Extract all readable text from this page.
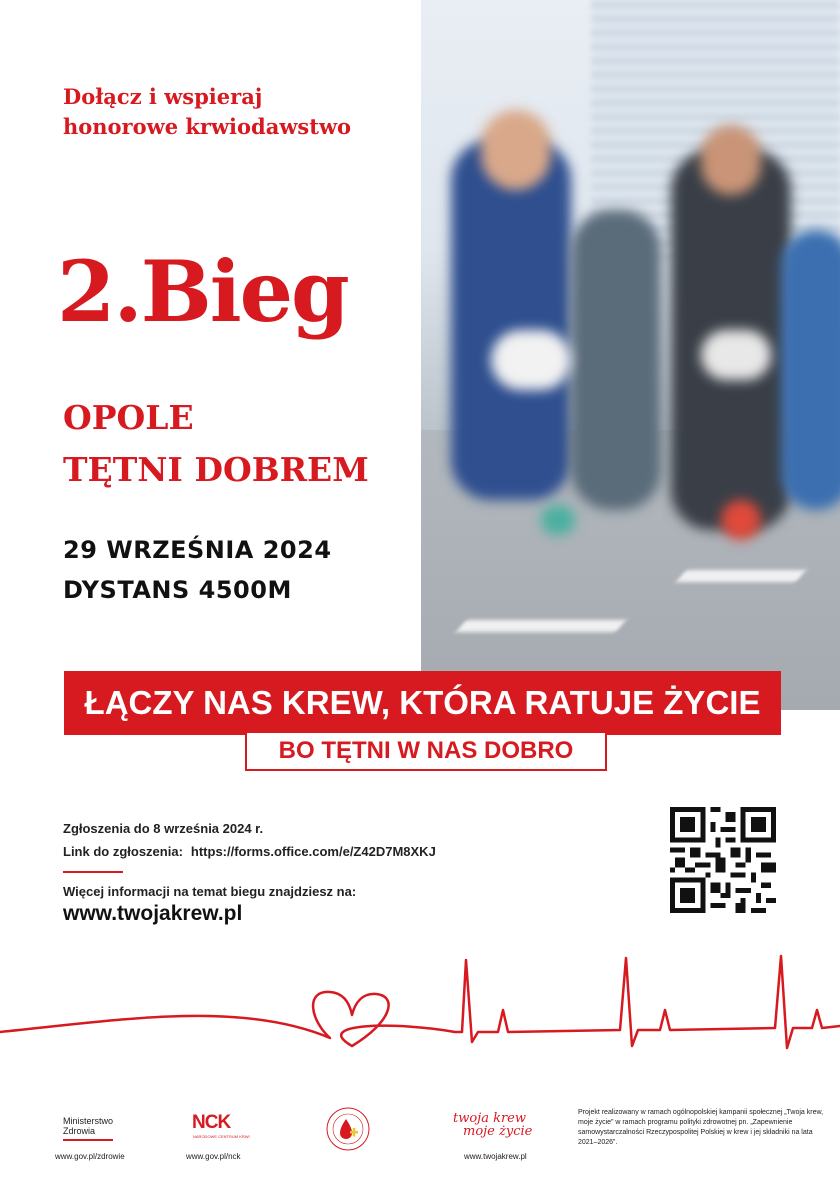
Dołącz i wspieraj
honorowe krwiodawstwo
2.Bieg
OPOLE
TĘTNI DOBREM
29 WRZEŚNIA 2024
DYSTANS 4500M
ŁĄCZY NAS KREW, KTÓRA RATUJE ŻYCIE
BO TĘTNI W NAS DOBRO
Zgłoszenia do 8 września 2024 r.
Link do zgłoszenia: https://forms.office.com/e/Z42D7M8XKJ
Więcej informacji na temat biegu znajdziesz na:
www.twojakrew.pl
Ministerstwo
Zdrowia	NCK
NARODOWE CENTRUM KRWI
twoja krew
moje życie
www.gov.pl/zdrowie	www.gov.pl/nck	www.twojakrew.pl
Projekt realizowany w ramach ogólnopolskiej kampanii społecznej „Twoja krew, moje życie” w ramach programu polityki zdrowotnej pn. „Zapewnienie samowystarczalności Rzeczypospolitej Polskiej w krew i jej składniki na lata 2021–2026”.
